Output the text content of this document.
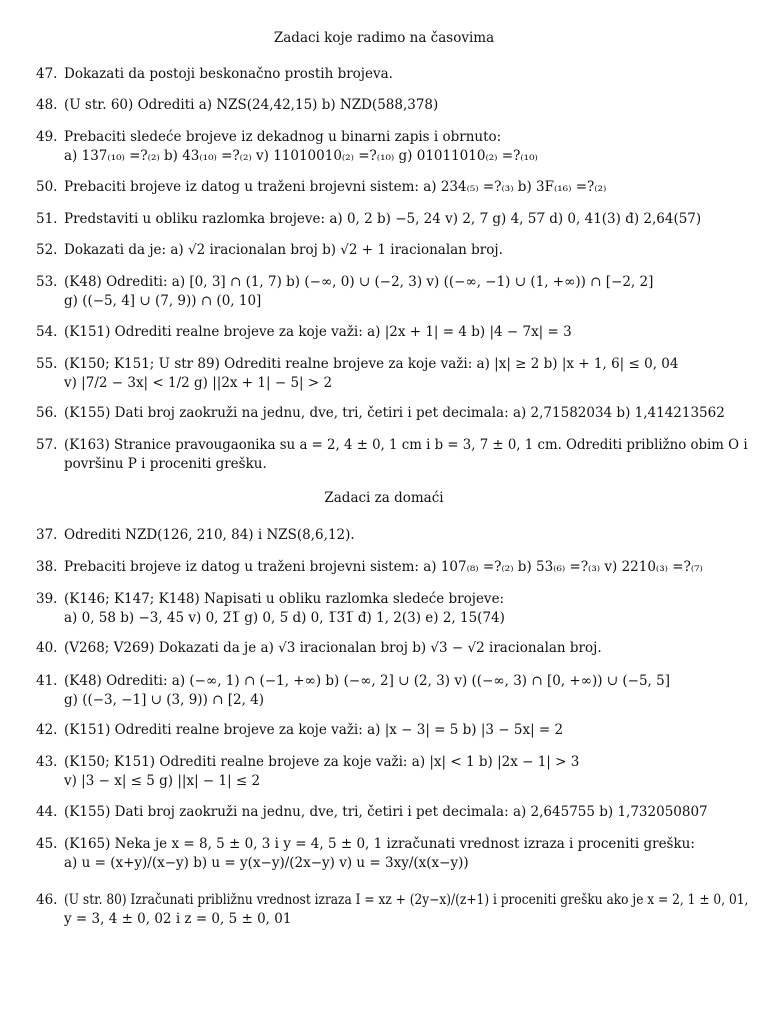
Zadaci koje radimo na časovima
47. Dokazati da postoji beskonačno prostih brojeva.
48. (U str. 60) Odrediti a) NZS(24,42,15) b) NZD(588,378)
49. Prebaciti sledeće brojeve iz dekadnog u binarni zapis i obrnuto:
a) 137₍₁₀₎ =?₍₂₎ b) 43₍₁₀₎ =?₍₂₎ v) 11010010₍₂₎ =?₍₁₀₎ g) 01011010₍₂₎ =?₍₁₀₎
50. Prebaciti brojeve iz datog u traženi brojevni sistem: a) 234₍₅₎ =?₍₃₎ b) 3F₍₁₆₎ =?₍₂₎
51. Predstaviti u obliku razlomka brojeve: a) 0, 2 b) −5, 24 v) 2, 7̅ g) 4, 5̅7̅ d) 0, 41(3) đ) 2,64(57)
52. Dokazati da je: a) √2 iracionalan broj b) √2 + 1 iracionalan broj.
53. (K48) Odrediti: a) [0, 3] ∩ (1, 7) b) (−∞, 0) ∪ (−2, 3) v) ((−∞, −1) ∪ (1, +∞)) ∩ [−2, 2]
g) ((−5, 4] ∪ (7, 9)) ∩ (0, 10]
54. (K151) Odrediti realne brojeve za koje važi: a) |2x + 1| = 4 b) |4 − 7x| = 3
55. (K150; K151; U str 89) Odrediti realne brojeve za koje važi: a) |x| ≥ 2 b) |x + 1, 6| ≤ 0, 04
v) |7/2 − 3x| < 1/2 g) ||2x + 1| − 5| > 2
56. (K155) Dati broj zaokruži na jednu, dve, tri, četiri i pet decimala: a) 2,71582034 b) 1,414213562
57. (K163) Stranice pravougaonika su a = 2, 4 ± 0, 1 cm i b = 3, 7 ± 0, 1 cm. Odrediti približno obim O i
površinu P i proceniti grešku.
Zadaci za domaći
37. Odrediti NZD(126, 210, 84) i NZS(8,6,12).
38. Prebaciti brojeve iz datog u traženi brojevni sistem: a) 107₍₈₎ =?₍₂₎ b) 53₍₆₎ =?₍₃₎ v) 2210₍₃₎ =?₍₇₎
39. (K146; K147; K148) Napisati u obliku razlomka sledeće brojeve:
a) 0, 58 b) −3, 45 v) 0, 2̅1̅ g) 0, 5̅ d) 0, 1̅3̅1̅ đ) 1, 2(3) e) 2, 15(74)
40. (V268; V269) Dokazati da je a) √3 iracionalan broj b) √3 − √2 iracionalan broj.
41. (K48) Odrediti: a) (−∞, 1) ∩ (−1, +∞) b) (−∞, 2] ∪ (2, 3) v) ((−∞, 3) ∩ [0, +∞)) ∪ (−5, 5]
g) ((−3, −1] ∪ (3, 9)) ∩ [2, 4)
42. (K151) Odrediti realne brojeve za koje važi: a) |x − 3| = 5 b) |3 − 5x| = 2
43. (K150; K151) Odrediti realne brojeve za koje važi: a) |x| < 1 b) |2x − 1| > 3
v) |3 − x| ≤ 5 g) ||x| − 1| ≤ 2
44. (K155) Dati broj zaokruži na jednu, dve, tri, četiri i pet decimala: a) 2,645755 b) 1,732050807
45. (K165) Neka je x = 8, 5 ± 0, 3 i y = 4, 5 ± 0, 1 izračunati vrednost izraza i proceniti grešku:
a) u = (x+y)/(x−y) b) u = y(x−y)/(2x−y) v) u = 3xy/(x(x−y))
46. (U str. 80) Izračunati približnu vrednost izraza I = xz + (2y−x)/(z+1) i proceniti grešku ako je x = 2, 1 ± 0, 01,
y = 3, 4 ± 0, 02 i z = 0, 5 ± 0, 01
